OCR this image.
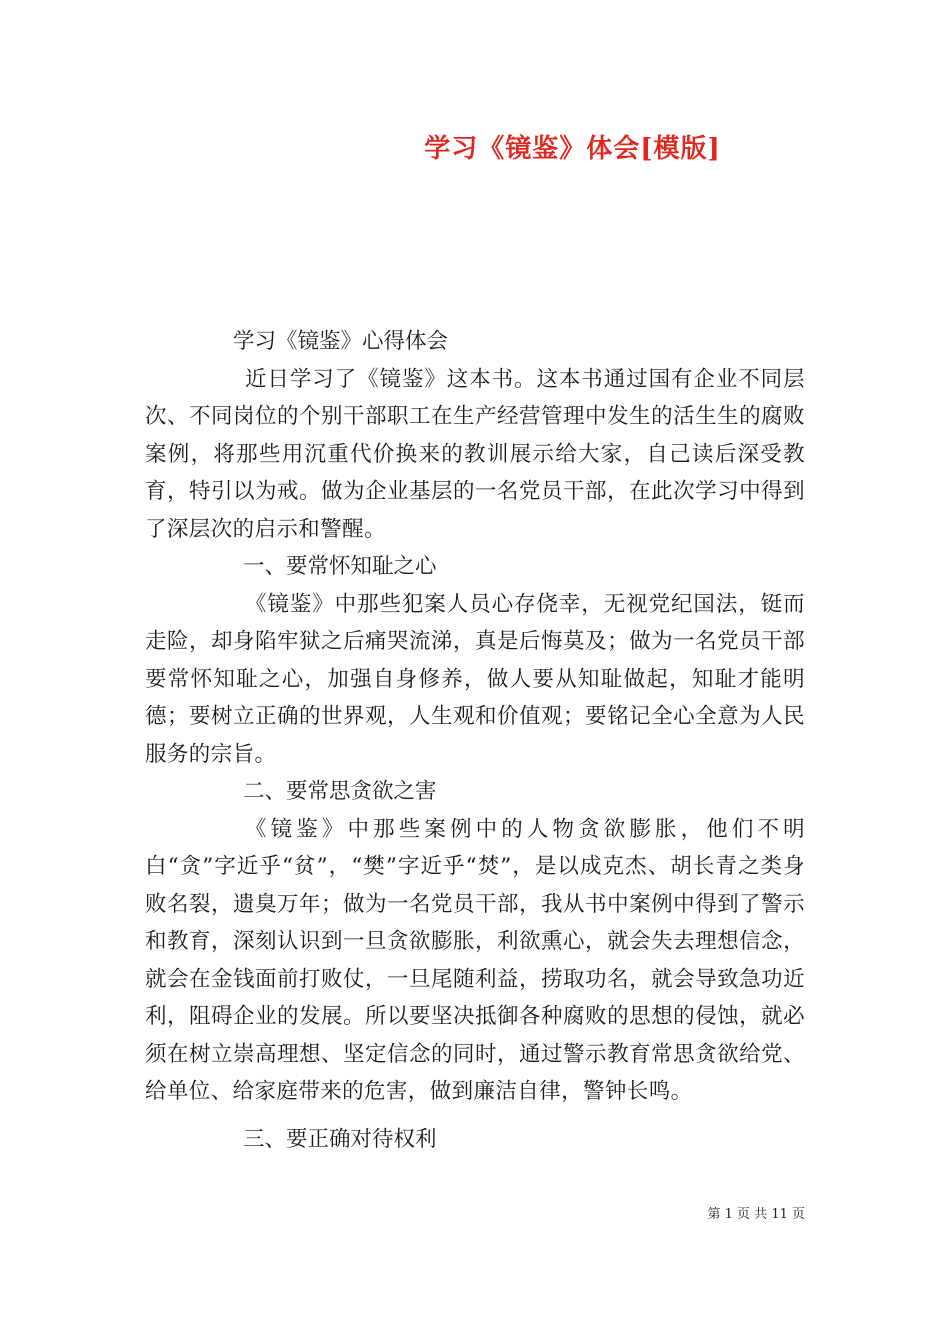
学习《镜鉴》体会[模版]

学习《镜鉴》心得体会

近日学习了《镜鉴》这本书。这本书通过国有企业不同层次、不同岗位的个别干部职工在生产经营管理中发生的活生生的腐败案例，将那些用沉重代价换来的教训展示给大家，自己读后深受教育，特引以为戒。做为企业基层的一名党员干部，在此次学习中得到了深层次的启示和警醒。

一、要常怀知耻之心

《镜鉴》中那些犯案人员心存侥幸，无视党纪国法，铤而走险，却身陷牢狱之后痛哭流涕，真是后悔莫及；做为一名党员干部要常怀知耻之心，加强自身修养，做人要从知耻做起，知耻才能明德；要树立正确的世界观，人生观和价值观；要铭记全心全意为人民服务的宗旨。

二、要常思贪欲之害

《镜鉴》中那些案例中的人物贪欲膨胀，他们不明白“贪”字近乎“贫”，“樊”字近乎“焚”，是以成克杰、胡长青之类身败名裂，遗臭万年；做为一名党员干部，我从书中案例中得到了警示和教育，深刻认识到一旦贪欲膨胀，利欲熏心，就会失去理想信念，就会在金钱面前打败仗，一旦尾随利益，捞取功名，就会导致急功近利，阻碍企业的发展。所以要坚决抵御各种腐败的思想的侵蚀，就必须在树立崇高理想、坚定信念的同时，通过警示教育常思贪欲给党、给单位、给家庭带来的危害，做到廉洁自律，警钟长鸣。

三、要正确对待权利

第 1 页 共 11 页
